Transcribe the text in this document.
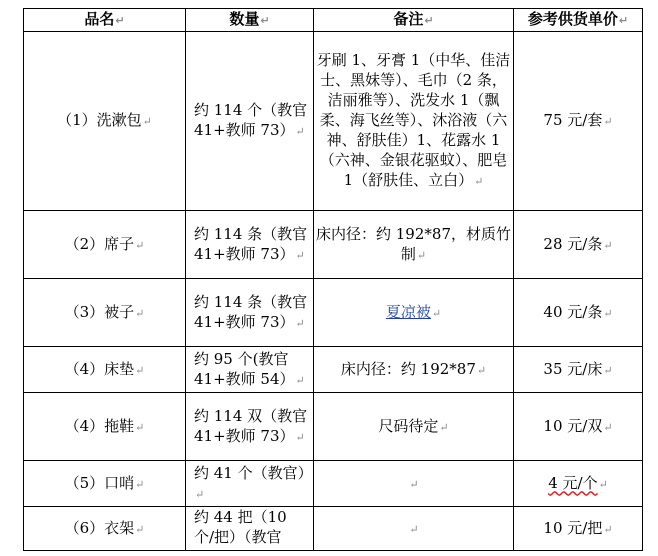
品名↵	数量↵	备注↵	参考供货单价↵
（1）洗漱包↵	约 114 个（教官 41+教师 73）↵	牙刷 1、牙膏 1（中华、佳洁士、黑妹等）、毛巾（2 条，洁丽雅等）、洗发水 1（飘柔、海飞丝等）、沐浴液（六神、舒肤佳）1、花露水 1（六神、金银花驱蚊）、肥皂 1（舒肤佳、立白）↵	75 元/套↵
（2）席子↵	约 114 条（教官 41+教师 73）↵	床内径：约 192*87，材质竹制↵	28 元/条↵
（3）被子↵	约 114 条（教官 41+教师 73）↵	夏凉被↵	40 元/条↵
（4）床垫↵	约 95 个(教官 41+教师 54）↵	床内径：约 192*87↵	35 元/床↵
（4）拖鞋↵	约 114 双（教官 41+教师 73）↵	尺码待定↵	10 元/双↵
（5）口哨↵	约 41 个（教官）↵	↵	4 元/个↵
（6）衣架↵	约 44 把（10 个/把）（教官	↵	10 元/把↵
